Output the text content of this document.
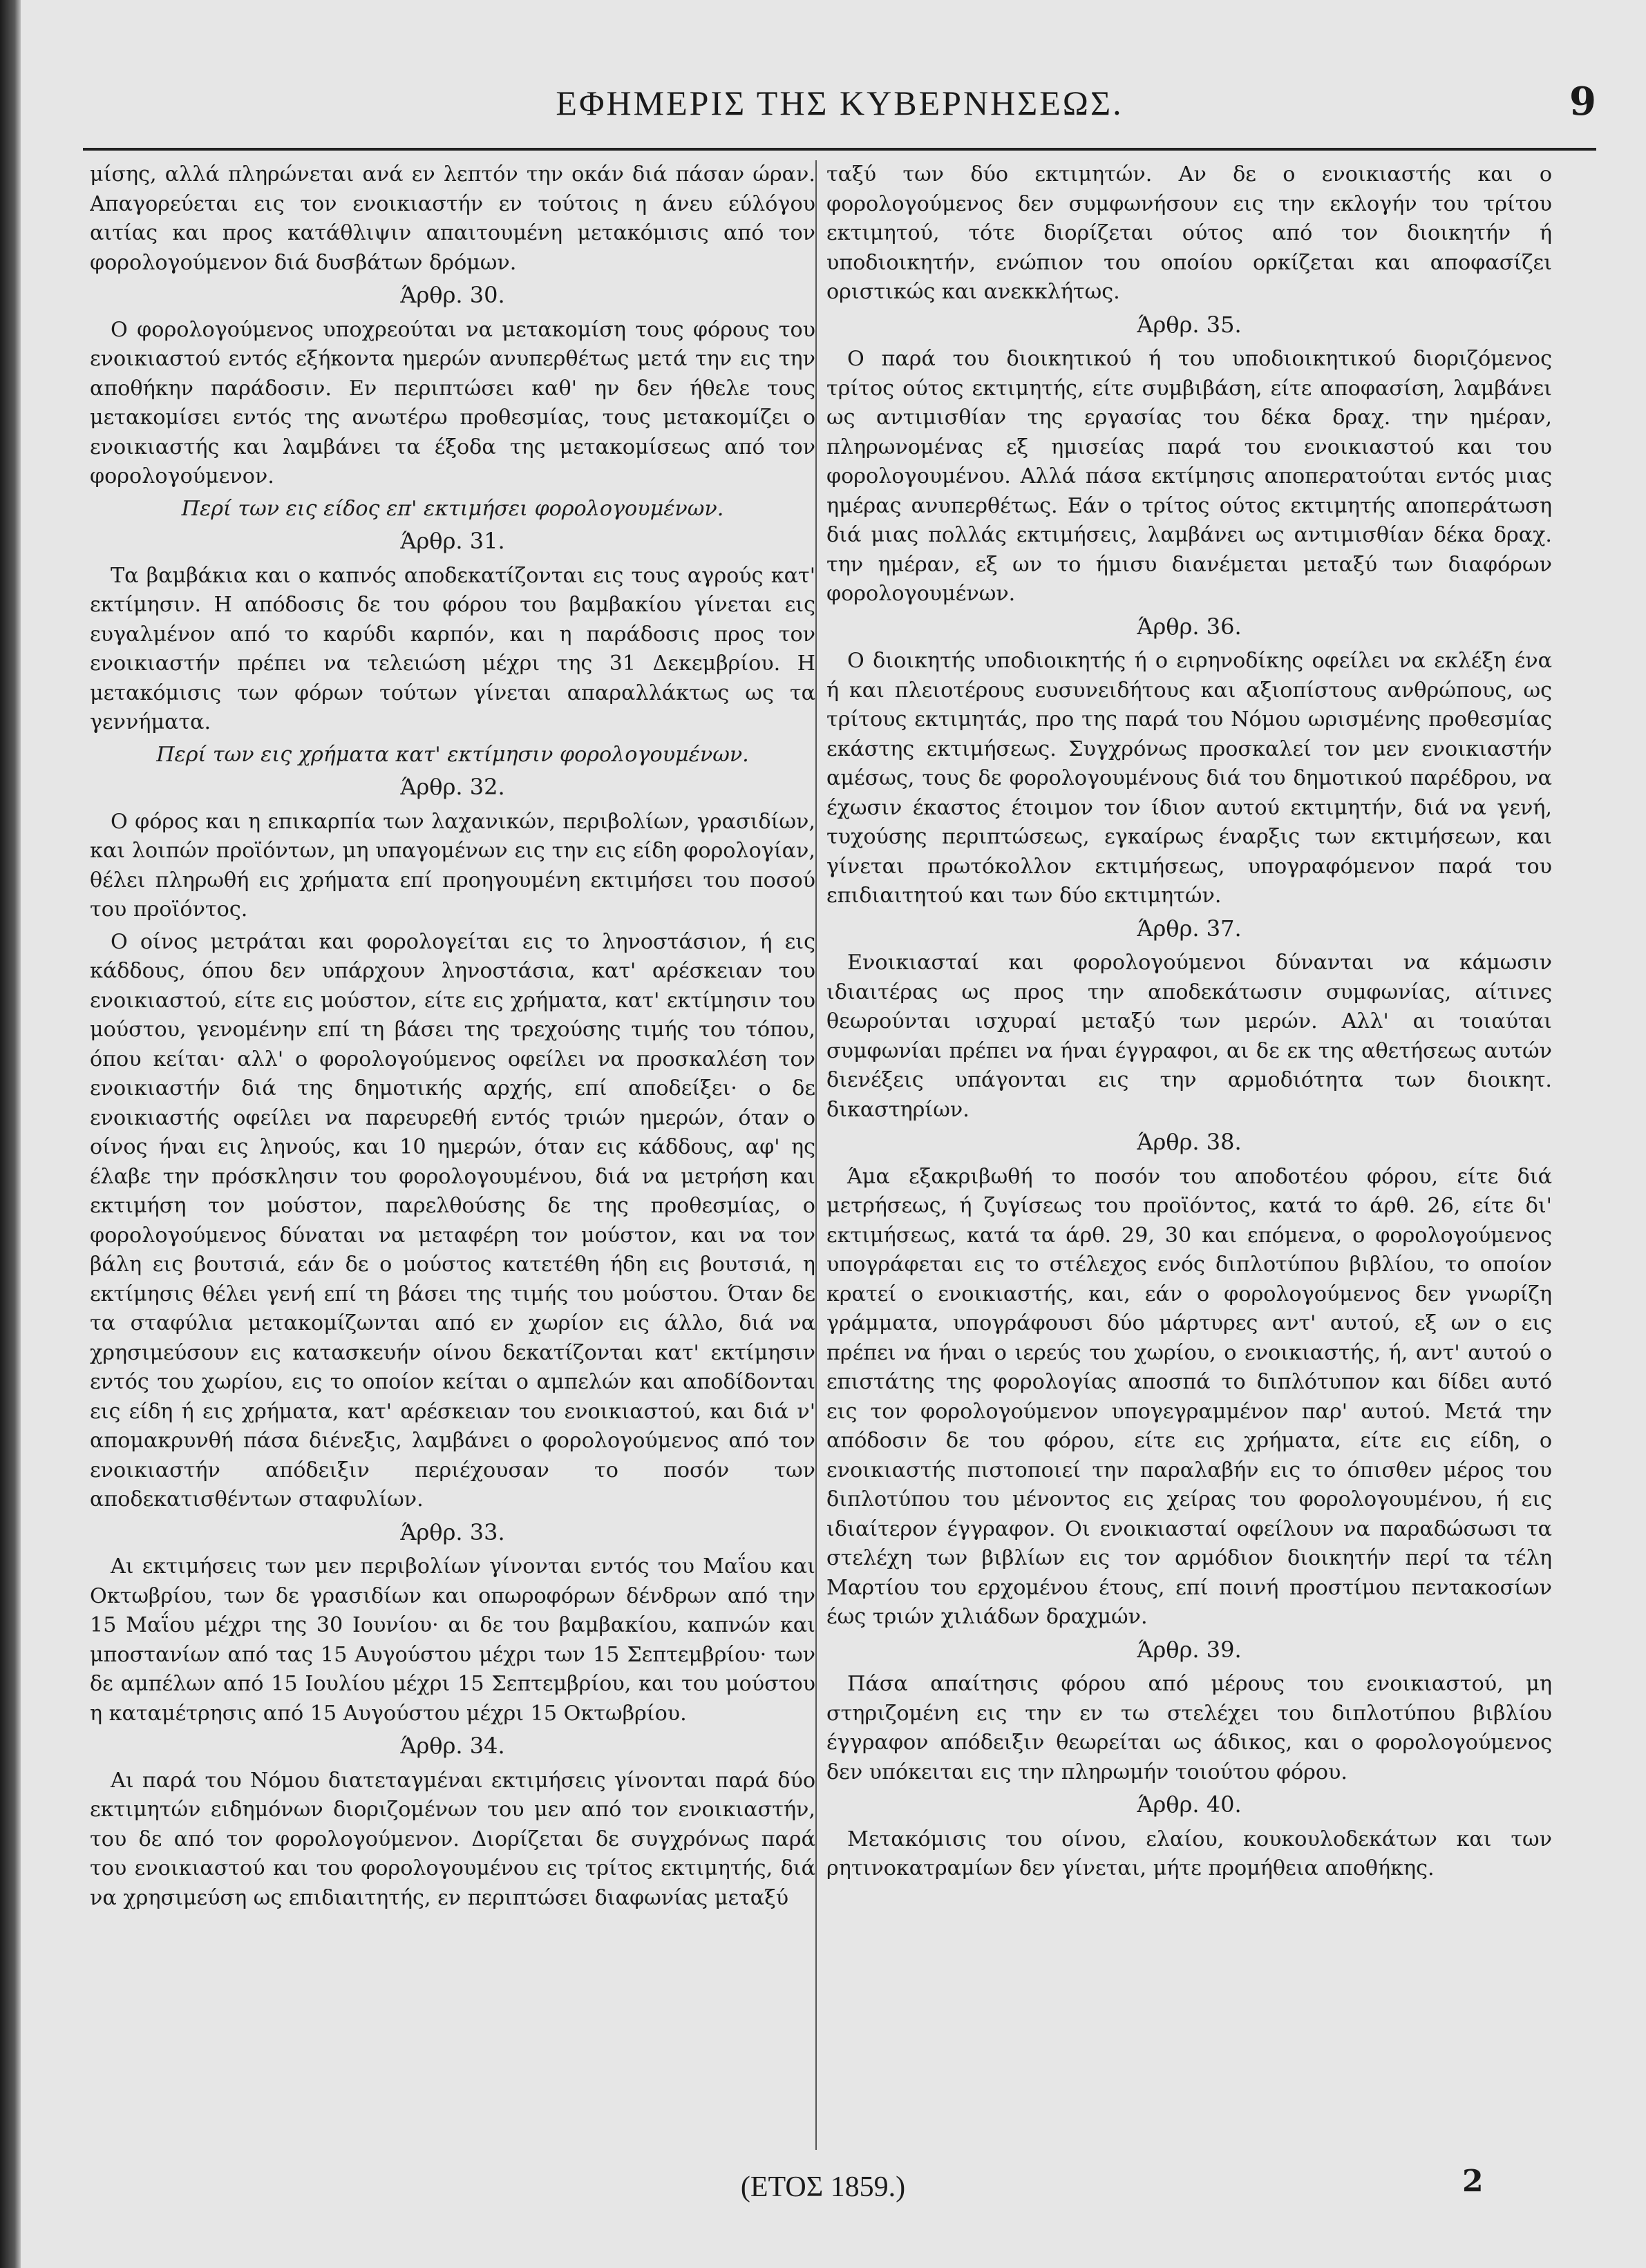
ΕΦΗΜΕΡΙΣ ΤΗΣ ΚΥΒΕΡΝΗΣΕΩΣ.	9

μίσης, αλλά πληρώνεται ανά εν λεπτόν την οκάν διά πάσαν ώραν. Απαγορεύεται εις τον ενοικιαστήν εν τούτοις η άνευ εύλόγου αιτίας και προς κατάθλιψιν απαιτουμένη μετακόμισις από τον φορολογούμενον διά δυσβάτων δρόμων.

Άρθρ. 30.

Ο φορολογούμενος υποχρεούται να μετακομίση τους φόρους του ενοικιαστού εντός εξήκοντα ημερών ανυπερθέτως μετά την εις την αποθήκην παράδοσιν. Εν περιπτώσει καθ' ην δεν ήθελε τους μετακομίσει εντός της ανωτέρω προθεσμίας, τους μετακομίζει ο ενοικιαστής και λαμβάνει τα έξοδα της μετακομίσεως από τον φορολογούμενον.

Περί των εις είδος επ' εκτιμήσει φορολογουμένων.
Άρθρ. 31.

Τα βαμβάκια και ο καπνός αποδεκατίζονται εις τους αγρούς κατ' εκτίμησιν. Η απόδοσις δε του φόρου του βαμβακίου γίνεται εις ευγαλμένον από το καρύδι καρπόν, και η παράδοσις προς τον ενοικιαστήν πρέπει να τελειώση μέχρι της 31 Δεκεμβρίου. Η μετακόμισις των φόρων τούτων γίνεται απαραλλάκτως ως τα γεννήματα.

Περί των εις χρήματα κατ' εκτίμησιν φορολογουμένων.
Άρθρ. 32.

Ο φόρος και η επικαρπία των λαχανικών, περιβολίων, γρασιδίων, και λοιπών προϊόντων, μη υπαγομένων εις την εις είδη φορολογίαν, θέλει πληρωθή εις χρήματα επί προηγουμένη εκτιμήσει του ποσού του προϊόντος.

Ο οίνος μετράται και φορολογείται εις το ληνοστάσιον, ή εις κάδδους, όπου δεν υπάρχουν ληνοστάσια, κατ' αρέσκειαν του ενοικιαστού, είτε εις μούστον, είτε εις χρήματα, κατ' εκτίμησιν του μούστου, γενομένην επί τη βάσει της τρεχούσης τιμής του τόπου, όπου κείται· αλλ' ο φορολογούμενος οφείλει να προσκαλέση τον ενοικιαστήν διά της δημοτικής αρχής, επί αποδείξει· ο δε ενοικιαστής οφείλει να παρευρεθή εντός τριών ημερών, όταν ο οίνος ήναι εις ληνούς, και 10 ημερών, όταν εις κάδδους, αφ' ης έλαβε την πρόσκλησιν του φορολογουμένου, διά να μετρήση και εκτιμήση τον μούστον, παρελθούσης δε της προθεσμίας, ο φορολογούμενος δύναται να μεταφέρη τον μούστον, και να τον βάλη εις βουτσιά, εάν δε ο μούστος κατετέθη ήδη εις βουτσιά, η εκτίμησις θέλει γενή επί τη βάσει της τιμής του μούστου. Όταν δε τα σταφύλια μετακομίζωνται από εν χωρίον εις άλλο, διά να χρησιμεύσουν εις κατασκευήν οίνου δεκατίζονται κατ' εκτίμησιν εντός του χωρίου, εις το οποίον κείται ο αμπελών και αποδίδονται εις είδη ή εις χρήματα, κατ' αρέσκειαν του ενοικιαστού, και διά ν' απομακρυνθή πάσα διένεξις, λαμβάνει ο φορολογούμενος από τον ενοικιαστήν απόδειξιν περιέχουσαν το ποσόν των αποδεκατισθέντων σταφυλίων.

Άρθρ. 33.

Αι εκτιμήσεις των μεν περιβολίων γίνονται εντός του Μαΐου και Οκτωβρίου, των δε γρασιδίων και οπωροφόρων δένδρων από την 15 Μαΐου μέχρι της 30 Ιουνίου· αι δε του βαμβακίου, καπνών και μποστανίων από τας 15 Αυγούστου μέχρι των 15 Σεπτεμβρίου· των δε αμπέλων από 15 Ιουλίου μέχρι 15 Σεπτεμβρίου, και του μούστου η καταμέτρησις από 15 Αυγούστου μέχρι 15 Οκτωβρίου.

Άρθρ. 34.

Αι παρά του Νόμου διατεταγμέναι εκτιμήσεις γίνονται παρά δύο εκτιμητών ειδημόνων διοριζομένων του μεν από τον ενοικιαστήν, του δε από τον φορολογούμενον. Διορίζεται δε συγχρόνως παρά του ενοικιαστού και του φορολογουμένου εις τρίτος εκτιμητής, διά να χρησιμεύση ως επιδιαιτητής, εν περιπτώσει διαφωνίας μεταξύ

ταξύ των δύο εκτιμητών. Αν δε ο ενοικιαστής και ο φορολογούμενος δεν συμφωνήσουν εις την εκλογήν του τρίτου εκτιμητού, τότε διορίζεται ούτος από τον διοικητήν ή υποδιοικητήν, ενώπιον του οποίου ορκίζεται και αποφασίζει οριστικώς και ανεκκλήτως.

Άρθρ. 35.

Ο παρά του διοικητικού ή του υποδιοικητικού διοριζόμενος τρίτος ούτος εκτιμητής, είτε συμβιβάση, είτε αποφασίση, λαμβάνει ως αντιμισθίαν της εργασίας του δέκα δραχ. την ημέραν, πληρωνομένας εξ ημισείας παρά του ενοικιαστού και του φορολογουμένου. Αλλά πάσα εκτίμησις αποπερατούται εντός μιας ημέρας ανυπερθέτως. Εάν ο τρίτος ούτος εκτιμητής αποπεράτωση διά μιας πολλάς εκτιμήσεις, λαμβάνει ως αντιμισθίαν δέκα δραχ. την ημέραν, εξ ων το ήμισυ διανέμεται μεταξύ των διαφόρων φορολογουμένων.

Άρθρ. 36.

Ο διοικητής υποδιοικητής ή ο ειρηνοδίκης οφείλει να εκλέξη ένα ή και πλειοτέρους ευσυνειδήτους και αξιοπίστους ανθρώπους, ως τρίτους εκτιμητάς, προ της παρά του Νόμου ωρισμένης προθεσμίας εκάστης εκτιμήσεως. Συγχρόνως προσκαλεί τον μεν ενοικιαστήν αμέσως, τους δε φορολογουμένους διά του δημοτικού παρέδρου, να έχωσιν έκαστος έτοιμον τον ίδιον αυτού εκτιμητήν, διά να γενή, τυχούσης περιπτώσεως, εγκαίρως έναρξις των εκτιμήσεων, και γίνεται πρωτόκολλον εκτιμήσεως, υπογραφόμενον παρά του επιδιαιτητού και των δύο εκτιμητών.

Άρθρ. 37.

Ενοικιασταί και φορολογούμενοι δύνανται να κάμωσιν ιδιαιτέρας ως προς την αποδεκάτωσιν συμφωνίας, αίτινες θεωρούνται ισχυραί μεταξύ των μερών. Αλλ' αι τοιαύται συμφωνίαι πρέπει να ήναι έγγραφοι, αι δε εκ της αθετήσεως αυτών διενέξεις υπάγονται εις την αρμοδιότητα των διοικητ. δικαστηρίων.

Άρθρ. 38.

Άμα εξακριβωθή το ποσόν του αποδοτέου φόρου, είτε διά μετρήσεως, ή ζυγίσεως του προϊόντος, κατά το άρθ. 26, είτε δι' εκτιμήσεως, κατά τα άρθ. 29, 30 και επόμενα, ο φορολογούμενος υπογράφεται εις το στέλεχος ενός διπλοτύπου βιβλίου, το οποίον κρατεί ο ενοικιαστής, και, εάν ο φορολογούμενος δεν γνωρίζη γράμματα, υπογράφουσι δύο μάρτυρες αντ' αυτού, εξ ων ο εις πρέπει να ήναι ο ιερεύς του χωρίου, ο ενοικιαστής, ή, αντ' αυτού ο επιστάτης της φορολογίας αποσπά το διπλότυπον και δίδει αυτό εις τον φορολογούμενον υπογεγραμμένον παρ' αυτού. Μετά την απόδοσιν δε του φόρου, είτε εις χρήματα, είτε εις είδη, ο ενοικιαστής πιστοποιεί την παραλαβήν εις το όπισθεν μέρος του διπλοτύπου του μένοντος εις χείρας του φορολογουμένου, ή εις ιδιαίτερον έγγραφον. Οι ενοικιασταί οφείλουν να παραδώσωσι τα στελέχη των βιβλίων εις τον αρμόδιον διοικητήν περί τα τέλη Μαρτίου του ερχομένου έτους, επί ποινή προστίμου πεντακοσίων έως τριών χιλιάδων δραχμών.

Άρθρ. 39.

Πάσα απαίτησις φόρου από μέρους του ενοικιαστού, μη στηριζομένη εις την εν τω στελέχει του διπλοτύπου βιβλίου έγγραφον απόδειξιν θεωρείται ως άδικος, και ο φορολογούμενος δεν υπόκειται εις την πληρωμήν τοιούτου φόρου.

Άρθρ. 40.

Μετακόμισις του οίνου, ελαίου, κουκουλοδεκάτων και των ρητινοκατραμίων δεν γίνεται, μήτε προμήθεια αποθήκης.

(ΕΤΟΣ 1859.)	2
